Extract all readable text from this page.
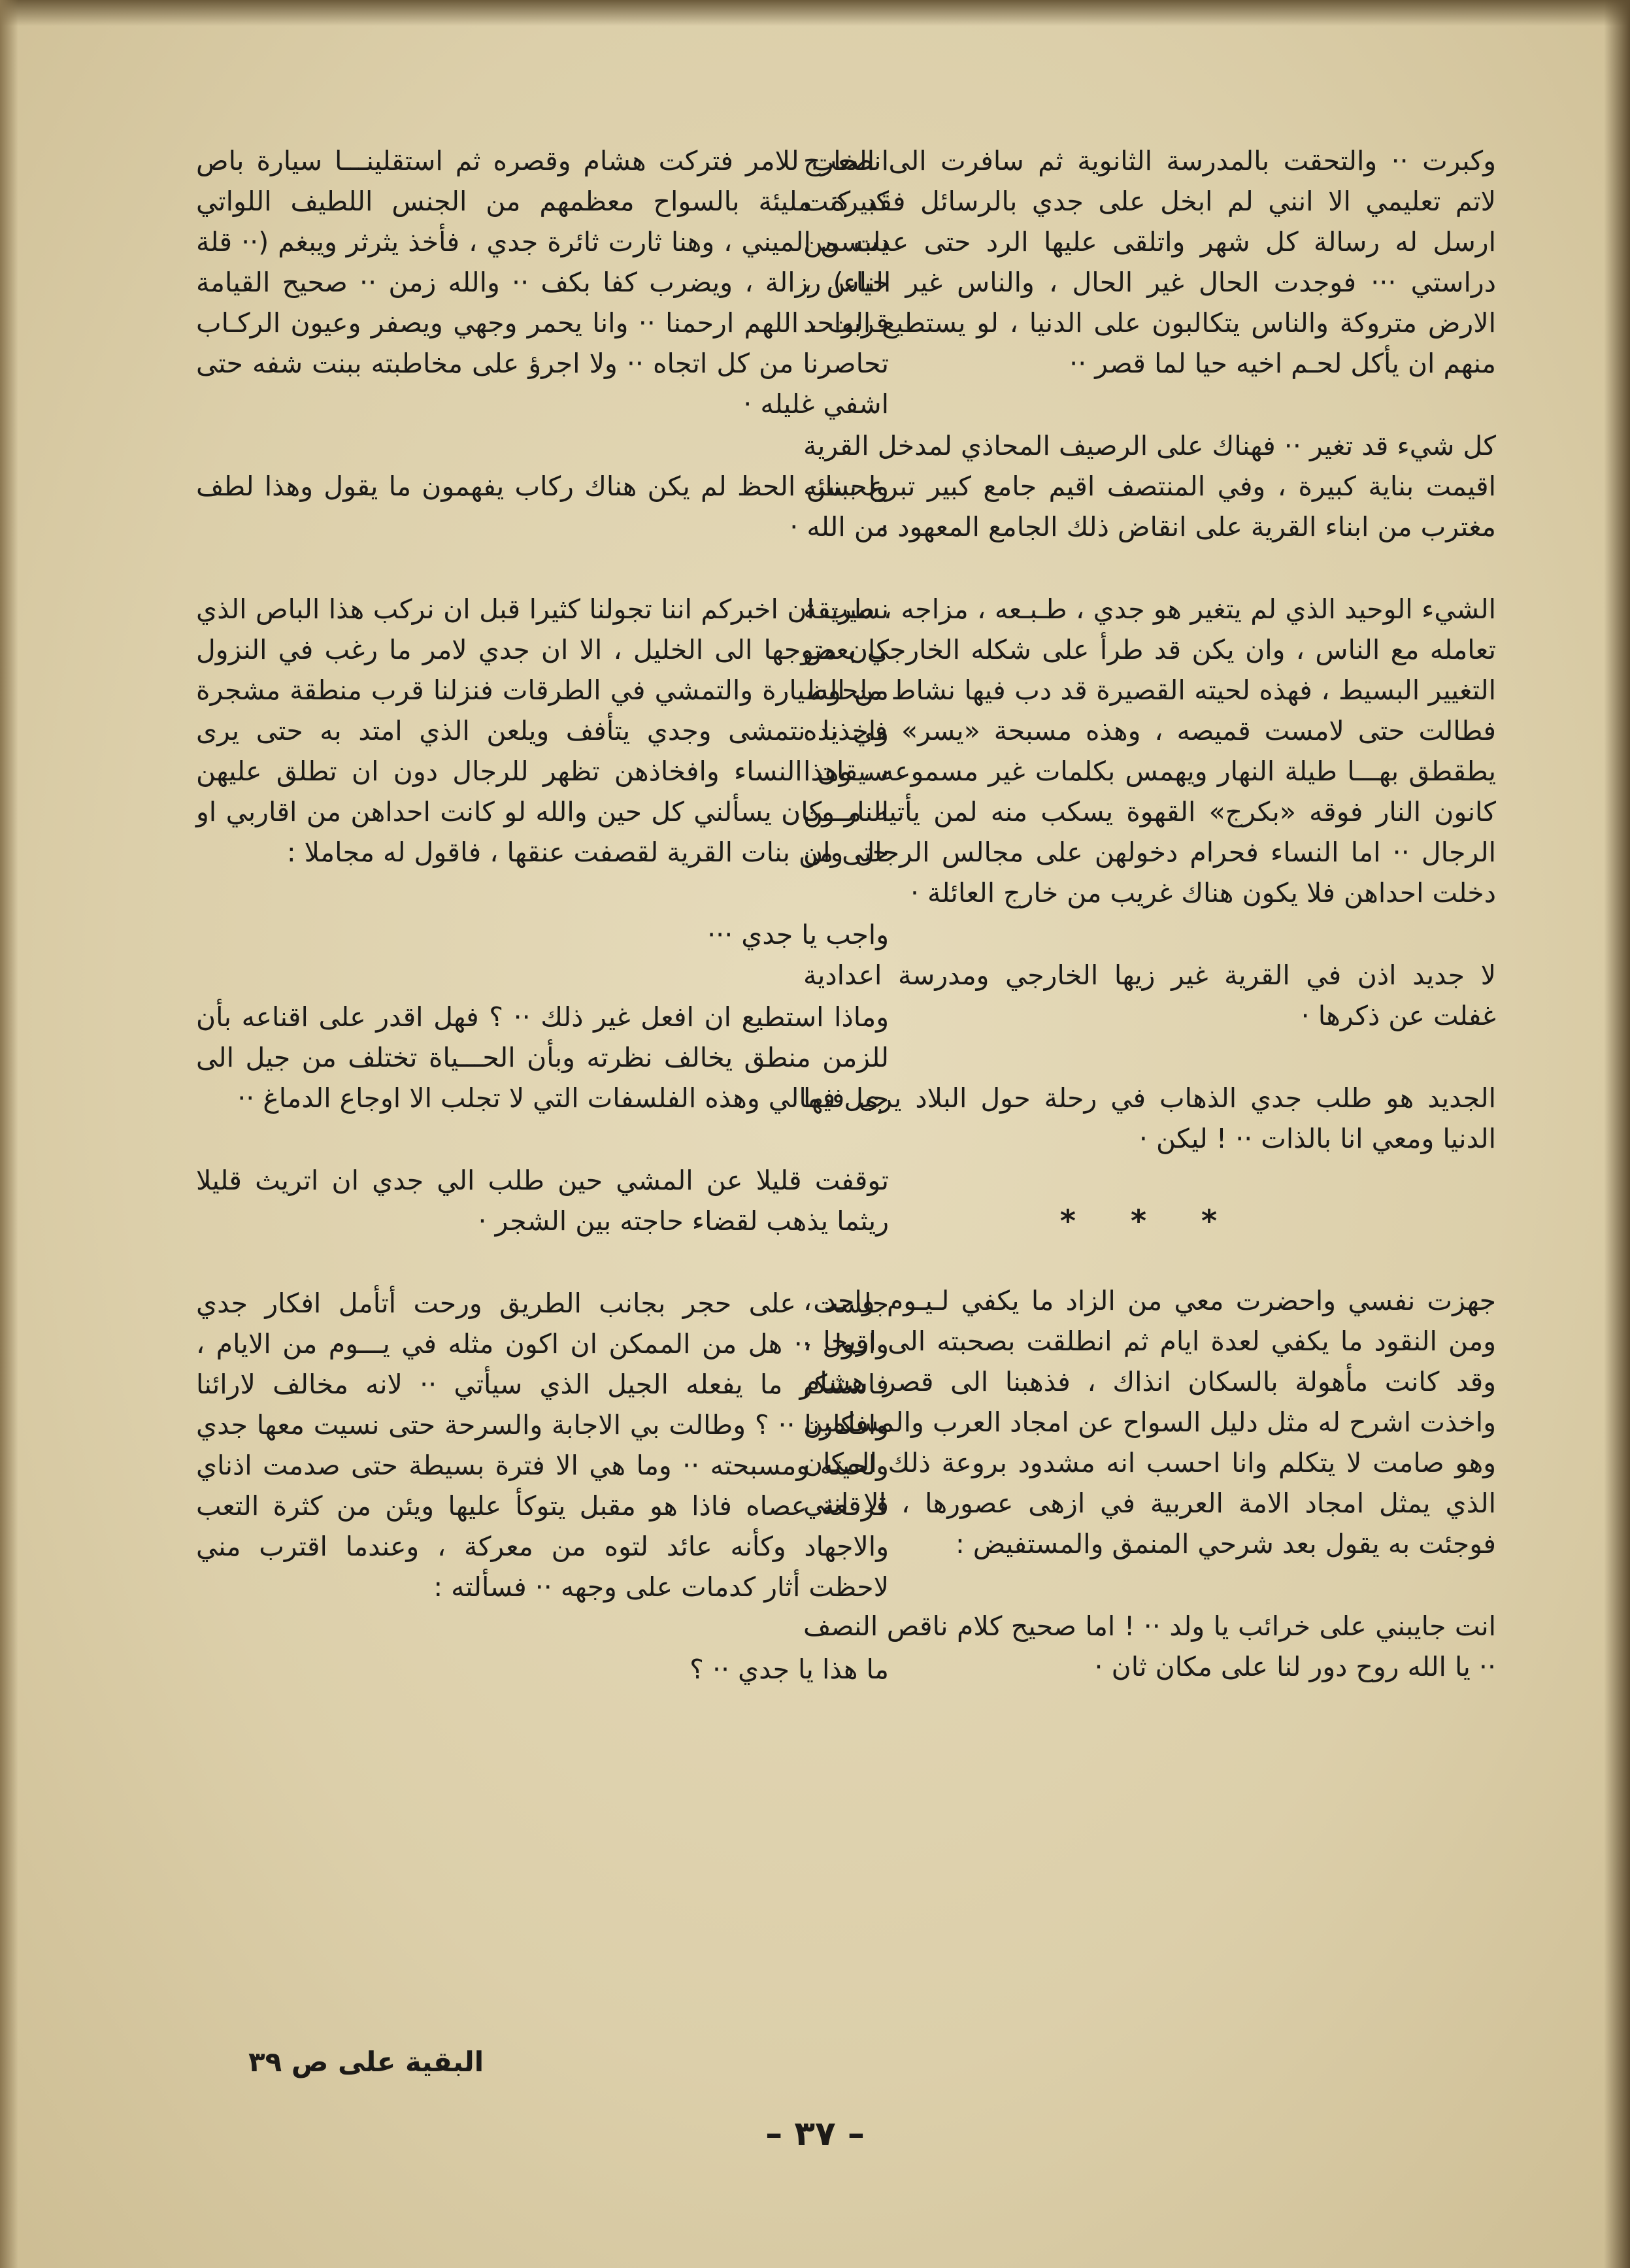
وكبرت ·· والتحقت بالمدرسة الثانوية ثم سافرت الى الخارج لاتم تعليمي الا انني لم ابخل على جدي بالرسائل فقد كنت ارسل له رسالة كل شهر واتلقى عليها الرد حتى عدت من دراستي ··· فوجدت الحال غير الحال ، والناس غير الناس ، الارض متروكة والناس يتكالبون على الدنيا ، لو يستطيع الواحد منهم ان يأكل لحـم اخيه حيا لما قصر ··

كل شيء قد تغير ·· فهناك على الرصيف المحاذي لمدخل القرية اقيمت بناية كبيرة ، وفي المنتصف اقيم جامع كبير تبرع ببنائه مغترب من ابناء القرية على انقاض ذلك الجامع المعهود ·

الشيء الوحيد الذي لم يتغير هو جدي ، طـبـعه ، مزاجه ، طريقة تعامله مع الناس ، وان يكن قد طرأ على شكله الخارجي بعض التغيير البسيط ، فهذه لحيته القصيرة قد دب فيها نشاط ملحوظ فطالت حتى لامست قميصه ، وهذه مسبحة «يسر» في يده يطقطق بهـــا طيلة النهار ويهمس بكلمات غير مسموعه ، وهذا كانون النار فوقه «بكرج» القهوة يسكب منه لمن يأتيه مـــن الرجال ·· اما النساء فحرام دخولهن على مجالس الرجال وان دخلت احداهن فلا يكون هناك غريب من خارج العائلة ·

لا جديد اذن في القرية غير زيها الخارجي ومدرسة اعدادية غفلت عن ذكرها ·

الجديد هو طلب جدي الذهاب في رحلة حول البلاد يرى فيها الدنيا ومعي انا بالذات ·· ! ليكن ·

* * *

جهزت نفسي واحضرت معي من الزاد ما يكفي لـيـوم واحد ، ومن النقود ما يكفي لعدة ايام ثم انطلقت بصحبته الى اريحا ، وقد كانت مأهولة بالسكان انذاك ، فذهبنا الى قصر هشام واخذت اشرح له مثل دليل السواح عن امجاد العرب والمسلمين وهو صامت لا يتكلم وانا احسب انه مشدود بروعة ذلك المكان الذي يمثل امجاد الامة العربية في ازهى عصورها ، الا انني فوجئت به يقول بعد شرحي المنمق والمستفيض :

انت جايبني على خرائب يا ولد ·· ! اما صحيح كلام ناقص النصف ·· يا الله روح دور لنا على مكان ثان ·

انصعت للامر فتركت هشام وقصره ثم استقلينـــا سيارة باص كبيرة مليئة بالسواح معظمهم من الجنس اللطيف اللواتي يلبسن الميني ، وهنا ثارت ثائرة جدي ، فأخذ يثرثر ويبغم (·· قلة حياء) رزالة ، ويضرب كفا بكف ·· والله زمن ·· صحيح القيامة قربت ، اللهم ارحمنا ·· وانا يحمر وجهي ويصفر وعيون الركـاب تحاصرنا من كل اتجاه ·· ولا اجرؤ على مخاطبته ببنت شفه حتى اشفي غليله ·

ولحسن الحظ لم يكن هناك ركاب يفهمون ما يقول وهذا لطف من الله ·

نسيت ان اخبركم اننا تجولنا كثيرا قبل ان نركب هذا الباص الذي كان متوجها الى الخليل ، الا ان جدي لامر ما رغب في النزول من السيارة والتمشي في الطرقات فنزلنا قرب منطقة مشجرة واخذنا نتمشى وجدي يتأفف ويلعن الذي امتد به حتى يرى سيقان النساء وافخاذهن تظهر للرجال دون ان تطلق عليهن النار وكان يسألني كل حين والله لو كانت احداهن من اقاربي او حتى من بنات القرية لقصفت عنقها ، فاقول له مجاملا :

واجب يا جدي ···

وماذا استطيع ان افعل غير ذلك ·· ؟ فهل اقدر على اقناعه بأن للزمن منطق يخالف نظرته وبأن الحـــياة تختلف من جيل الى جيل فمالي وهذه الفلسفات التي لا تجلب الا اوجاع الدماغ ··

توقفت قليلا عن المشي حين طلب الي جدي ان اتريث قليلا ريثما يذهب لقضاء حاجته بين الشجر ·

جلست على حجر بجانب الطريق ورحت أتأمل افكار جدي واقول ·· هل من الممكن ان اكون مثله في يـــوم من الايام ، فاستنكر ما يفعله الجيل الذي سيأتي ·· لانه مخالف لارائنا وافكارنا ·· ؟ وطالت بي الاجابة والسرحة حتى نسيت معها جدي ولحيته ومسبحته ·· وما هي الا فترة بسيطة حتى صدمت اذناي قرقعة عصاه فاذا هو مقبل يتوكأ عليها ويئن من كثرة التعب والاجهاد وكأنه عائد لتوه من معركة ، وعندما اقترب مني لاحظت أثار كدمات على وجهه ·· فسألته :

ما هذا يا جدي ·· ؟

البقية على ص ٣٩
– ٣٧ –
